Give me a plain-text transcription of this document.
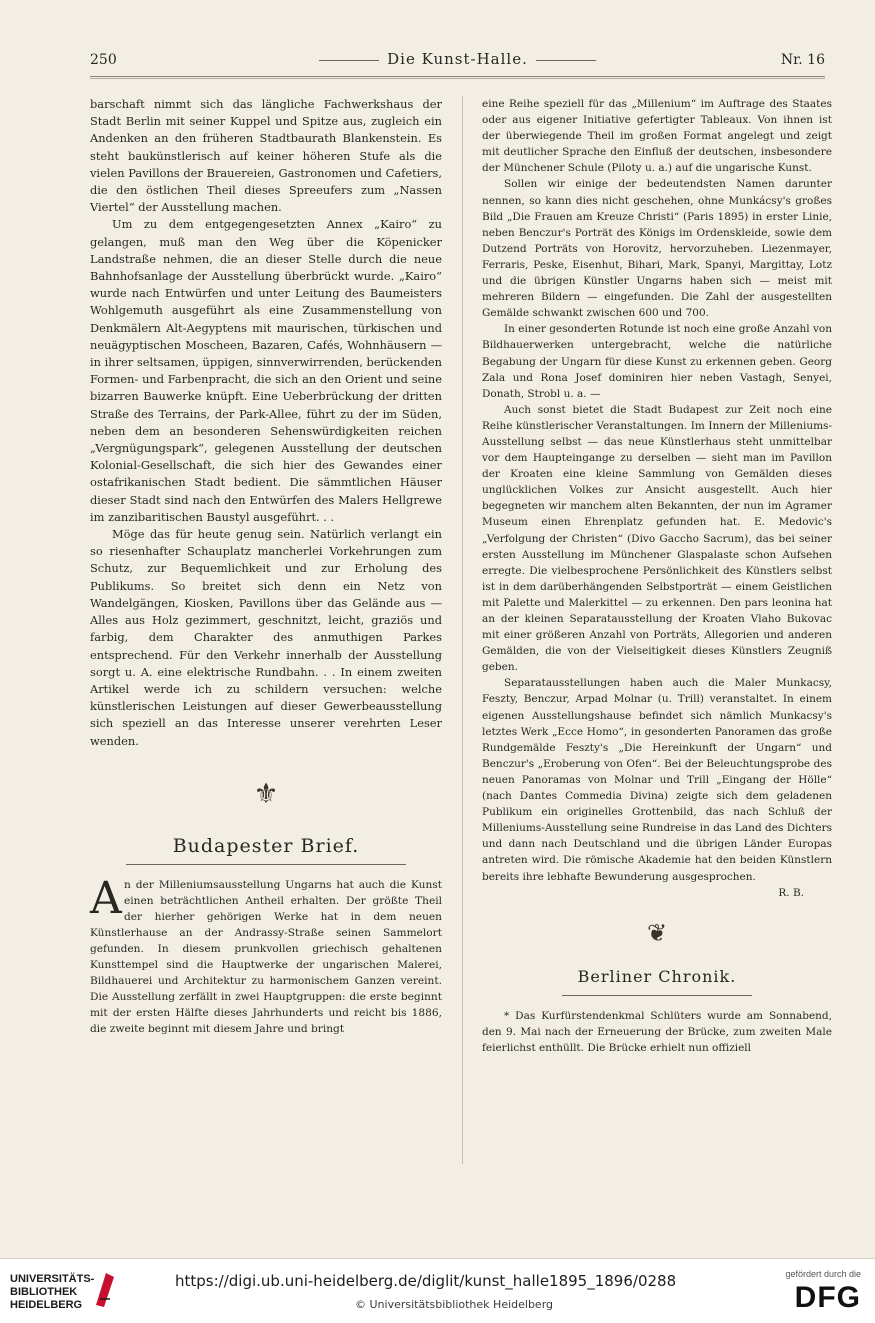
250	Die Kunst-Halle.	Nr. 16

barschaft nimmt sich das längliche Fachwerkshaus der Stadt Berlin mit seiner Kuppel und Spitze aus, zugleich ein Andenken an den früheren Stadtbaurath Blankenstein. Es steht baukünstlerisch auf keiner höheren Stufe als die vielen Pavillons der Brauereien, Gastronomen und Cafetiers, die den östlichen Theil dieses Spreeufers zum „Nassen Viertel“ der Ausstellung machen.

Um zu dem entgegengesetzten Annex „Kairo“ zu gelangen, muß man den Weg über die Köpenicker Landstraße nehmen, die an dieser Stelle durch die neue Bahnhofsanlage der Ausstellung überbrückt wurde. „Kairo“ wurde nach Entwürfen und unter Leitung des Baumeisters Wohlgemuth ausgeführt als eine Zusammenstellung von Denkmälern Alt-Aegyptens mit maurischen, türkischen und neuägyptischen Moscheen, Bazaren, Cafés, Wohnhäusern — in ihrer seltsamen, üppigen, sinnverwirrenden, berückenden Formen- und Farbenpracht, die sich an den Orient und seine bizarren Bauwerke knüpft. Eine Ueberbrückung der dritten Straße des Terrains, der Park-Allee, führt zu der im Süden, neben dem an besonderen Sehenswürdigkeiten reichen „Vergnügungspark“, gelegenen Ausstellung der deutschen Kolonial-Gesellschaft, die sich hier des Gewandes einer ostafrikanischen Stadt bedient. Die sämmtlichen Häuser dieser Stadt sind nach den Entwürfen des Malers Hellgrewe im zanzibaritischen Baustyl ausgeführt. . .

Möge das für heute genug sein. Natürlich verlangt ein so riesenhafter Schauplatz mancherlei Vorkehrungen zum Schutz, zur Bequemlichkeit und zur Erholung des Publikums. So breitet sich denn ein Netz von Wandelgängen, Kiosken, Pavillons über das Gelände aus — Alles aus Holz gezimmert, geschnitzt, leicht, graziös und farbig, dem Charakter des anmuthigen Parkes entsprechend. Für den Verkehr innerhalb der Ausstellung sorgt u. A. eine elektrische Rundbahn. . . In einem zweiten Artikel werde ich zu schildern versuchen: welche künstlerischen Leistungen auf dieser Gewerbeausstellung sich speziell an das Interesse unserer verehrten Leser wenden.

⚜
Budapester Brief.
A n der Milleniumsausstellung Ungarns hat auch die Kunst einen beträchtlichen Antheil erhalten. Der größte Theil der hierher gehörigen Werke hat in dem neuen Künstlerhause an der Andrassy-Straße seinen Sammelort gefunden. In diesem prunkvollen griechisch gehaltenen Kunsttempel sind die Hauptwerke der ungarischen Malerei, Bildhauerei und Architektur zu harmonischem Ganzen vereint. Die Ausstellung zerfällt in zwei Hauptgruppen: die erste beginnt mit der ersten Hälfte dieses Jahrhunderts und reicht bis 1886, die zweite beginnt mit diesem Jahre und bringt

eine Reihe speziell für das „Millenium“ im Auftrage des Staates oder aus eigener Initiative gefertigter Tableaux. Von ihnen ist der überwiegende Theil im großen Format angelegt und zeigt mit deutlicher Sprache den Einfluß der deutschen, insbesondere der Münchener Schule (Piloty u. a.) auf die ungarische Kunst.

Sollen wir einige der bedeutendsten Namen darunter nennen, so kann dies nicht geschehen, ohne Munkácsy's großes Bild „Die Frauen am Kreuze Christi“ (Paris 1895) in erster Linie, neben Benczur's Porträt des Königs im Ordenskleide, sowie dem Dutzend Porträts von Horovitz, hervorzuheben. Liezenmayer, Ferraris, Peske, Eisenhut, Bihari, Mark, Spanyi, Margittay, Lotz und die übrigen Künstler Ungarns haben sich — meist mit mehreren Bildern — eingefunden. Die Zahl der ausgestellten Gemälde schwankt zwischen 600 und 700.

In einer gesonderten Rotunde ist noch eine große Anzahl von Bildhauerwerken untergebracht, welche die natürliche Begabung der Ungarn für diese Kunst zu erkennen geben. Georg Zala und Rona Josef dominiren hier neben Vastagh, Senyei, Donath, Strobl u. a. —

Auch sonst bietet die Stadt Budapest zur Zeit noch eine Reihe künstlerischer Veranstaltungen. Im Innern der Milleniums-Ausstellung selbst — das neue Künstlerhaus steht unmittelbar vor dem Haupteingange zu derselben — sieht man im Pavillon der Kroaten eine kleine Sammlung von Gemälden dieses unglücklichen Volkes zur Ansicht ausgestellt. Auch hier begegneten wir manchem alten Bekannten, der nun im Agramer Museum einen Ehrenplatz gefunden hat. E. Medovic's „Verfolgung der Christen“ (Divo Gaccho Sacrum), das bei seiner ersten Ausstellung im Münchener Glaspalaste schon Aufsehen erregte. Die vielbesprochene Persönlichkeit des Künstlers selbst ist in dem darüberhängenden Selbstporträt — einem Geistlichen mit Palette und Malerkittel — zu erkennen. Den pars leonina hat an der kleinen Separatausstellung der Kroaten Vlaho Bukovac mit einer größeren Anzahl von Porträts, Allegorien und anderen Gemälden, die von der Vielseitigkeit dieses Künstlers Zeugniß geben.

Separatausstellungen haben auch die Maler Munkacsy, Feszty, Benczur, Arpad Molnar (u. Trill) veranstaltet. In einem eigenen Ausstellungshause befindet sich nämlich Munkacsy's letztes Werk „Ecce Homo“, in gesonderten Panoramen das große Rundgemälde Feszty's „Die Hereinkunft der Ungarn“ und Benczur's „Eroberung von Ofen“. Bei der Beleuchtungsprobe des neuen Panoramas von Molnar und Trill „Eingang der Hölle“ (nach Dantes Commedia Divina) zeigte sich dem geladenen Publikum ein originelles Grottenbild, das nach Schluß der Milleniums-Ausstellung seine Rundreise in das Land des Dichters und dann nach Deutschland und die übrigen Länder Europas antreten wird. Die römische Akademie hat den beiden Künstlern bereits ihre lebhafte Bewunderung ausgesprochen.

R. B.

❦
Berliner Chronik.

* Das Kurfürstendenkmal Schlüters wurde am Sonnabend, den 9. Mai nach der Erneuerung der Brücke, zum zweiten Male feierlichst enthüllt. Die Brücke erhielt nun offiziell

UNIVERSITÄTS-
BIBLIOTHEK
HEIDELBERG
https://digi.ub.uni-heidelberg.de/diglit/kunst_halle1895_1896/0288
© Universitätsbibliothek Heidelberg
gefördert durch die
DFG
